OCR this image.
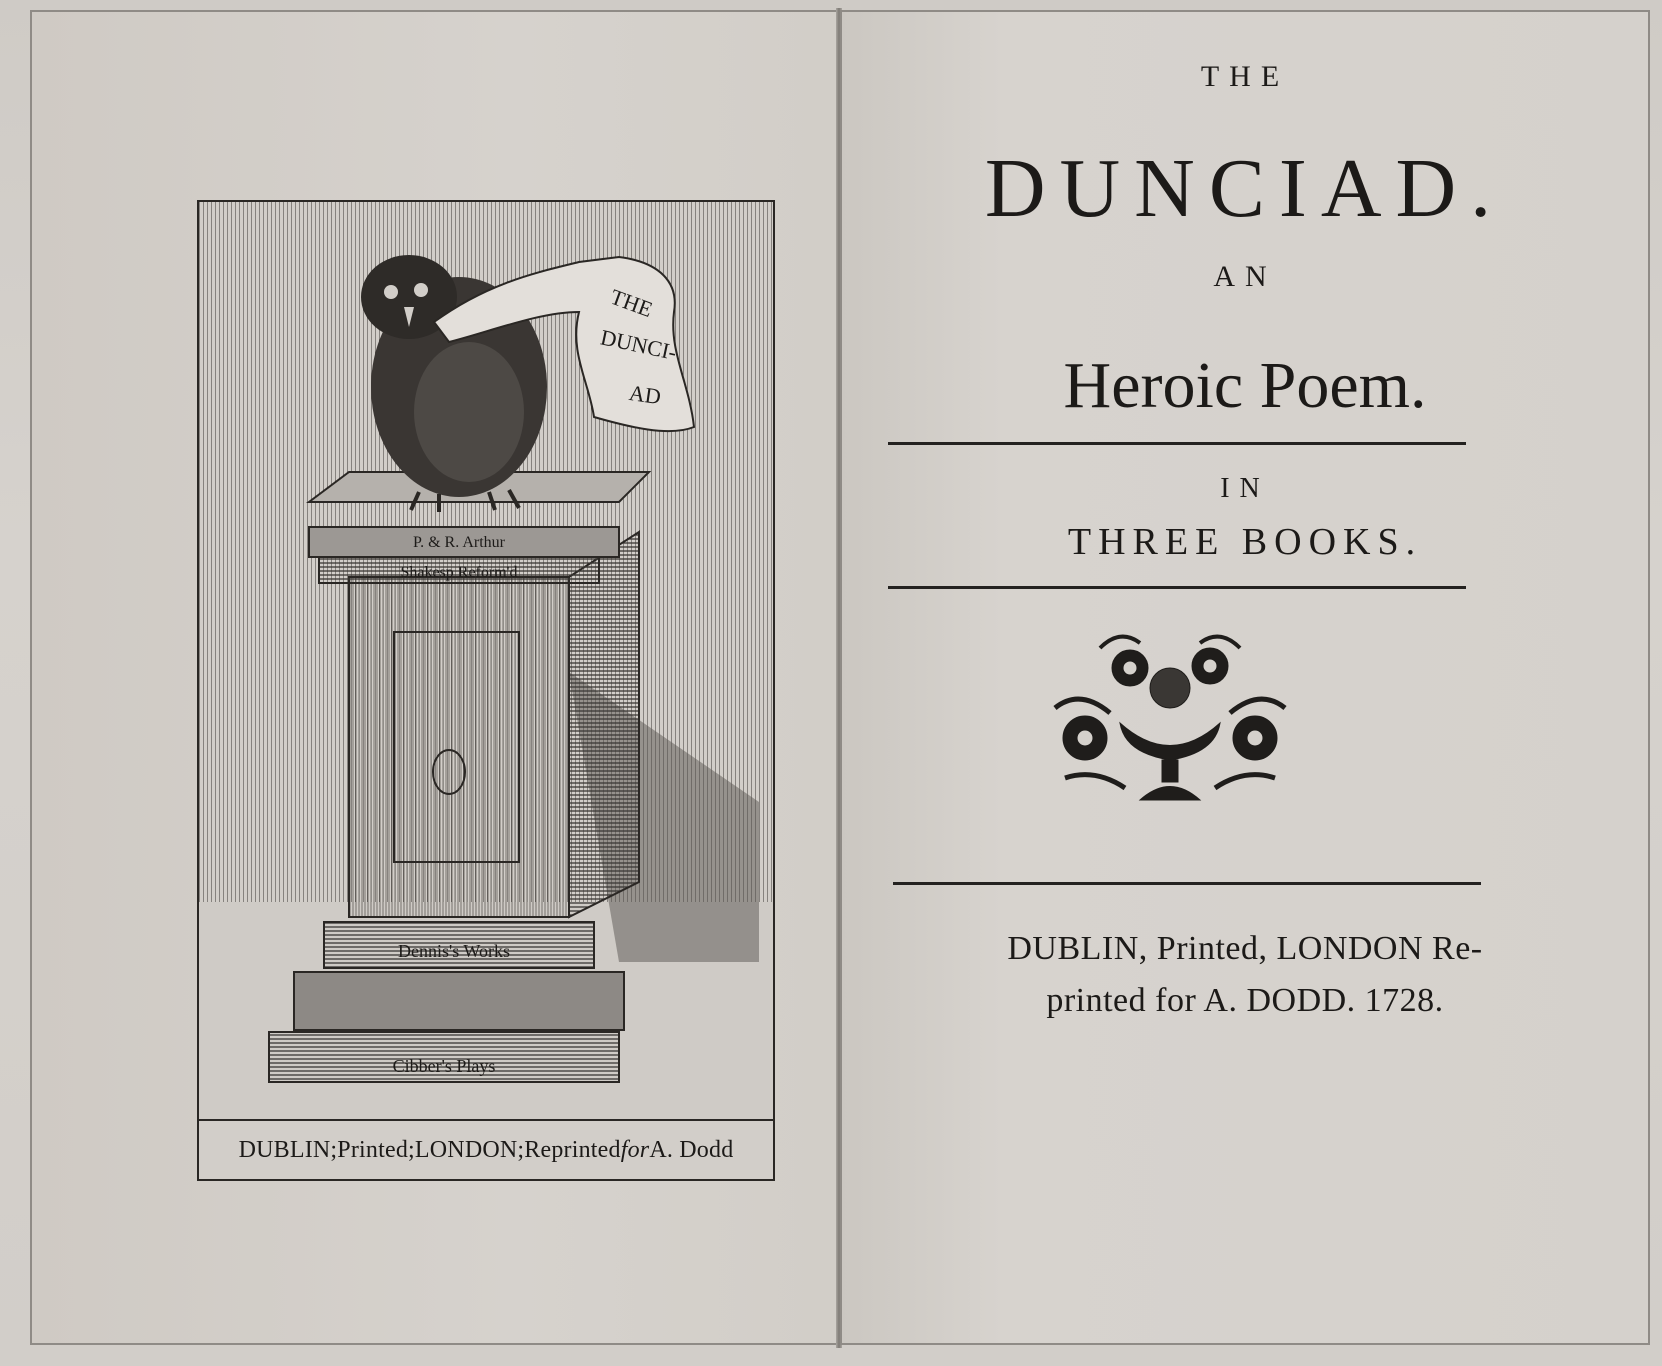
Cibber's Plays
Dennis's Works
P. & R. Arthur
Shakesp Reform'd
THE
DUNCI-
AD
DUBLIN;Printed;LONDON;Reprinted for A. Dodd
THE
DUNCIAD.
AN
Heroic Poem.
IN
THREE BOOKS.
DUBLIN, Printed, LONDON Re-
printed for A. DODD. 1728.
